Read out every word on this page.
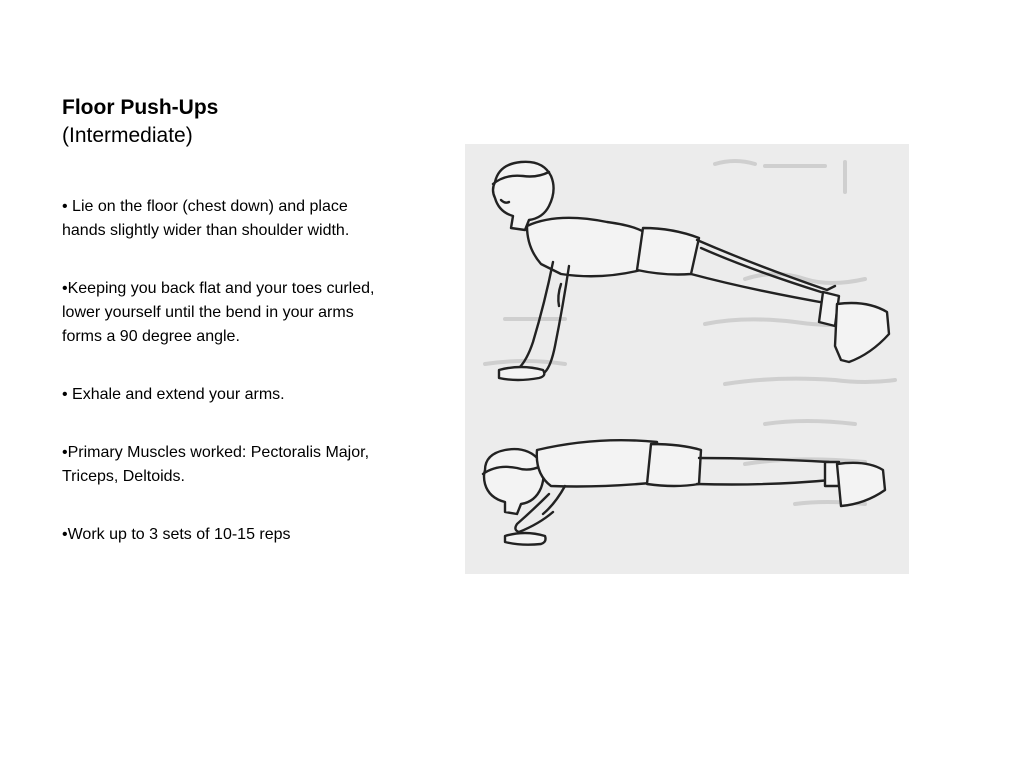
Floor Push-Ups

(Intermediate)

• Lie on the floor (chest down) and place hands slightly wider than shoulder width.
•Keeping you back flat and your toes curled, lower yourself until the bend in your arms forms a 90 degree angle.
• Exhale and extend your arms.
•Primary Muscles worked: Pectoralis Major, Triceps, Deltoids.
•Work up to 3 sets of 10-15 reps
